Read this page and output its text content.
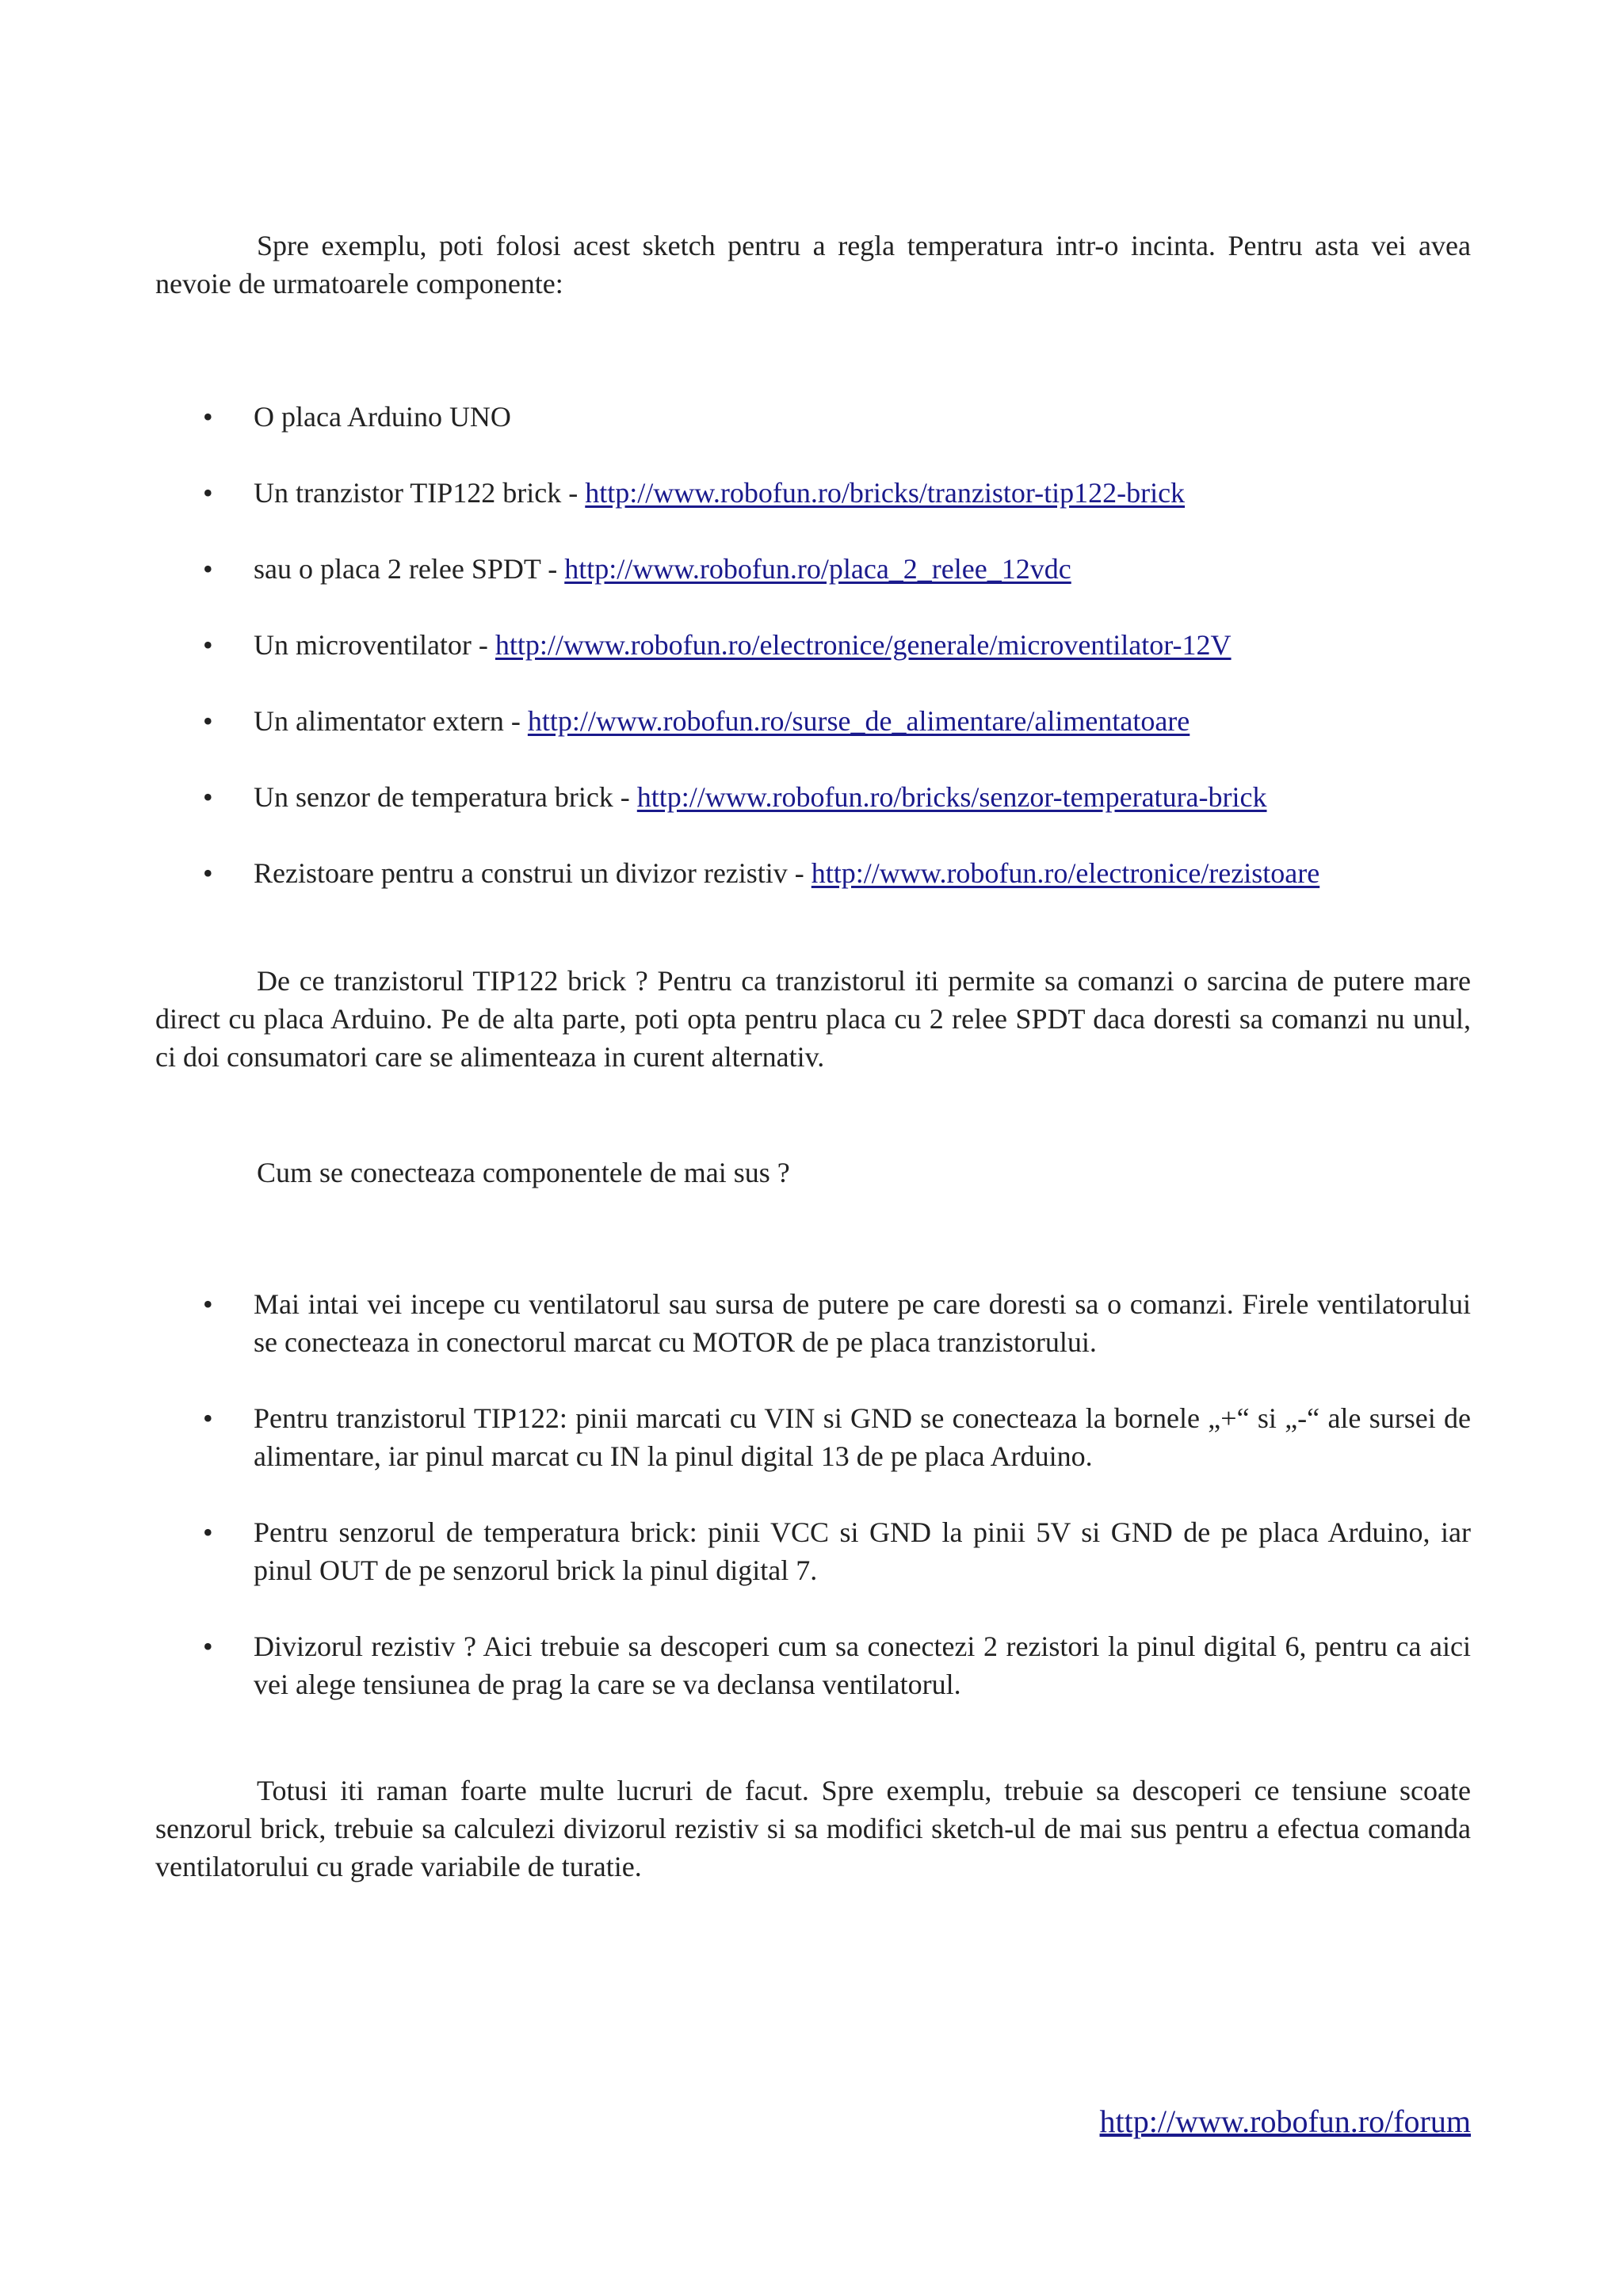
Spre exemplu, poti folosi acest sketch pentru a regla temperatura intr-o incinta. Pentru asta vei avea nevoie de urmatoarele componente:

• O placa Arduino UNO
• Un tranzistor TIP122 brick - http://www.robofun.ro/bricks/tranzistor-tip122-brick
• sau o placa 2 relee SPDT - http://www.robofun.ro/placa_2_relee_12vdc
• Un microventilator - http://www.robofun.ro/electronice/generale/microventilator-12V
• Un alimentator extern - http://www.robofun.ro/surse_de_alimentare/alimentatoare
• Un senzor de temperatura brick - http://www.robofun.ro/bricks/senzor-temperatura-brick
• Rezistoare pentru a construi un divizor rezistiv - http://www.robofun.ro/electronice/rezistoare

De ce tranzistorul TIP122 brick ? Pentru ca tranzistorul iti permite sa comanzi o sarcina de putere mare direct cu placa Arduino. Pe de alta parte, poti opta pentru placa cu 2 relee SPDT daca doresti sa comanzi nu unul, ci doi consumatori care se alimenteaza in curent alternativ.

Cum se conecteaza componentele de mai sus ?

• Mai intai vei incepe cu ventilatorul sau sursa de putere pe care doresti sa o comanzi. Firele ventilatorului se conecteaza in conectorul marcat cu MOTOR de pe placa tranzistorului.
• Pentru tranzistorul TIP122: pinii marcati cu VIN si GND se conecteaza la bornele „+“ si „-“ ale sursei de alimentare, iar pinul marcat cu IN la pinul digital 13 de pe placa Arduino.
• Pentru senzorul de temperatura brick: pinii VCC si GND la pinii 5V si GND de pe placa Arduino, iar pinul OUT de pe senzorul brick la pinul digital 7.
• Divizorul rezistiv ? Aici trebuie sa descoperi cum sa conectezi 2 rezistori la pinul digital 6, pentru ca aici vei alege tensiunea de prag la care se va declansa ventilatorul.

Totusi iti raman foarte multe lucruri de facut. Spre exemplu, trebuie sa descoperi ce tensiune scoate senzorul brick, trebuie sa calculezi divizorul rezistiv si sa modifici sketch-ul de mai sus pentru a efectua comanda ventilatorului cu grade variabile de turatie.

http://www.robofun.ro/forum
